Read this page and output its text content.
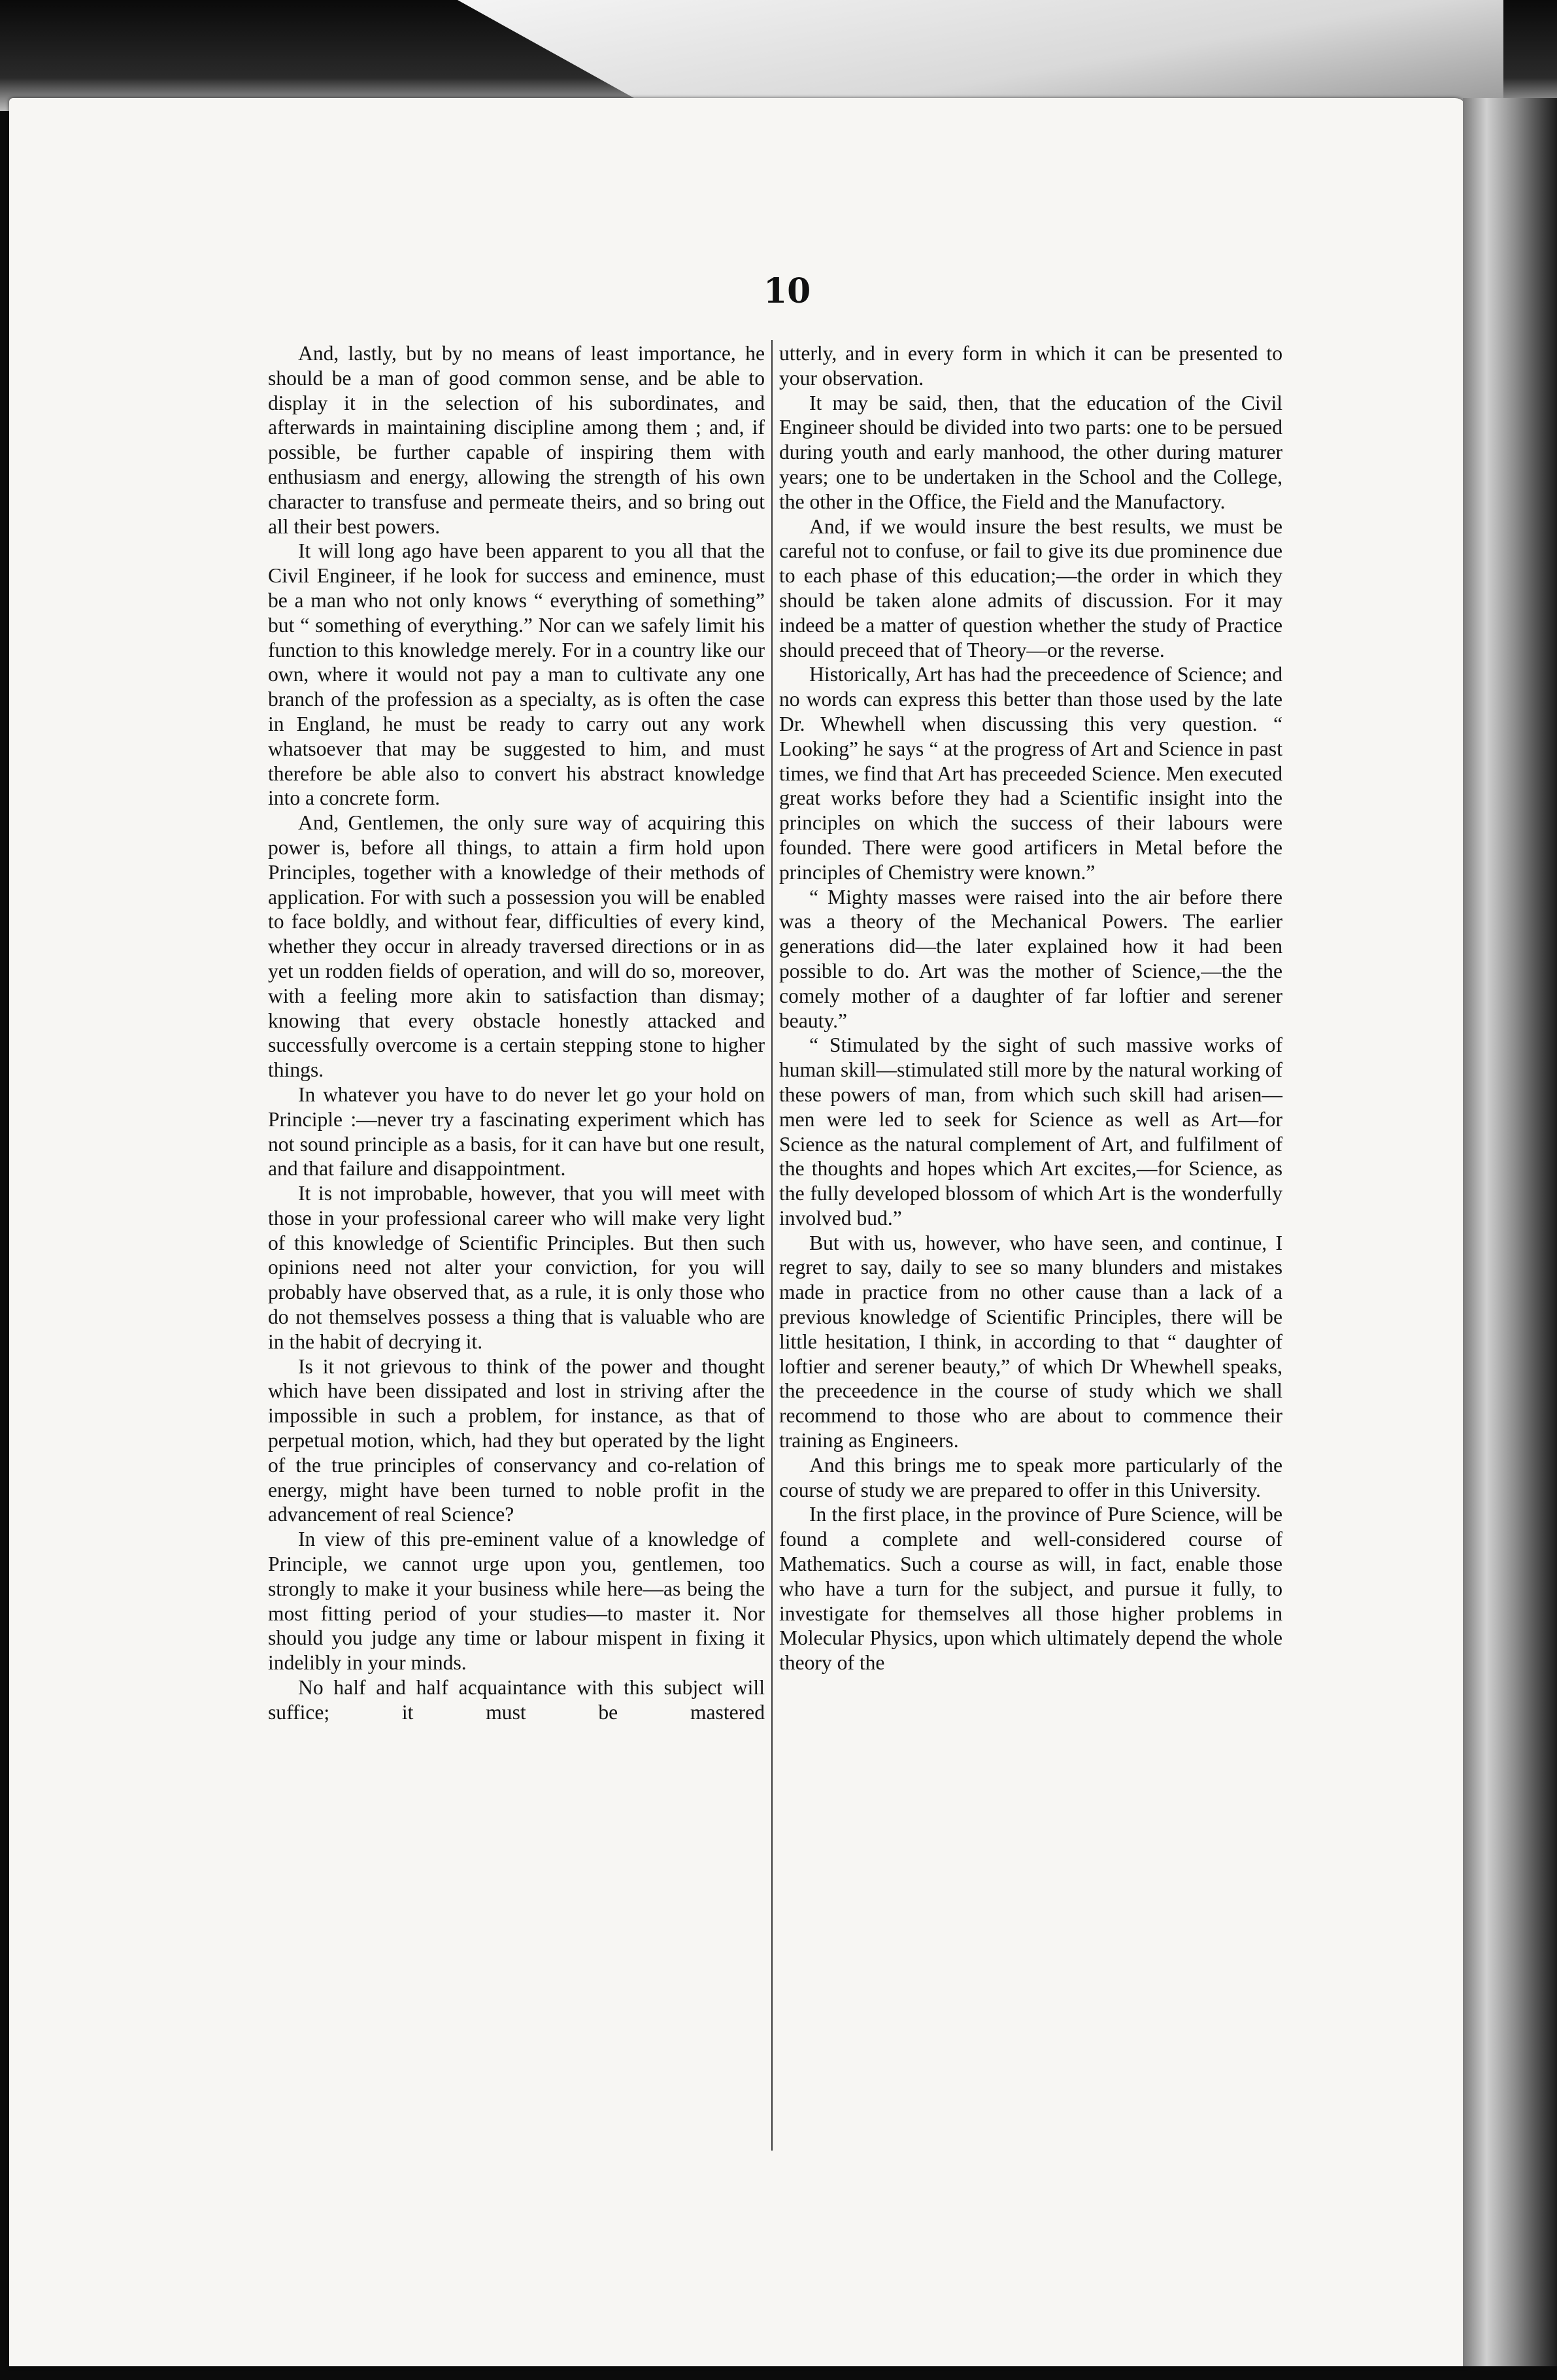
10

And, lastly, but by no means of least importance, he should be a man of good common sense, and be able to display it in the selection of his subordinates, and afterwards in maintaining discipline among them ; and, if possible, be further capable of inspiring them with enthusiasm and energy, allowing the strength of his own character to transfuse and permeate theirs, and so bring out all their best powers.

It will long ago have been apparent to you all that the Civil Engineer, if he look for success and eminence, must be a man who not only knows “ everything of something” but “ something of everything.” Nor can we safely limit his function to this knowledge merely. For in a country like our own, where it would not pay a man to cultivate any one branch of the profession as a specialty, as is often the case in England, he must be ready to carry out any work whatsoever that may be suggested to him, and must therefore be able also to convert his abstract knowledge into a concrete form.

And, Gentlemen, the only sure way of acquiring this power is, before all things, to attain a firm hold upon Principles, together with a knowledge of their methods of application. For with such a possession you will be enabled to face boldly, and without fear, difficulties of every kind, whether they occur in already traversed directions or in as yet un rodden fields of operation, and will do so, moreover, with a feeling more akin to satisfaction than dismay; knowing that every obstacle honestly attacked and successfully overcome is a certain stepping stone to higher things.

In whatever you have to do never let go your hold on Principle :—never try a fascinating experiment which has not sound principle as a basis, for it can have but one result, and that failure and disappointment.

It is not improbable, however, that you will meet with those in your professional career who will make very light of this knowledge of Scientific Principles. But then such opinions need not alter your conviction, for you will probably have observed that, as a rule, it is only those who do not themselves possess a thing that is valuable who are in the habit of decrying it.

Is it not grievous to think of the power and thought which have been dissipated and lost in striving after the impossible in such a problem, for instance, as that of perpetual motion, which, had they but operated by the light of the true principles of conservancy and co-relation of energy, might have been turned to noble profit in the advancement of real Science?

In view of this pre-eminent value of a knowledge of Principle, we cannot urge upon you, gentlemen, too strongly to make it your business while here—as being the most fitting period of your studies—to master it. Nor should you judge any time or labour mispent in fixing it indelibly in your minds.

No half and half acquaintance with this subject will suffice; it must be mastered

utterly, and in every form in which it can be presented to your observation.

It may be said, then, that the education of the Civil Engineer should be divided into two parts: one to be persued during youth and early manhood, the other during maturer years; one to be undertaken in the School and the College, the other in the Office, the Field and the Manufactory.

And, if we would insure the best results, we must be careful not to confuse, or fail to give its due prominence due to each phase of this education;—the order in which they should be taken alone admits of discussion. For it may indeed be a matter of question whether the study of Practice should preceed that of Theory—or the reverse.

Historically, Art has had the preceedence of Science; and no words can express this better than those used by the late Dr. Whewhell when discussing this very question. “ Looking” he says “ at the progress of Art and Science in past times, we find that Art has preceeded Science. Men executed great works before they had a Scientific insight into the principles on which the success of their labours were founded. There were good artificers in Metal before the principles of Chemistry were known.”

“ Mighty masses were raised into the air before there was a theory of the Mechanical Powers. The earlier generations did—the later explained how it had been possible to do. Art was the mother of Science,—the the comely mother of a daughter of far loftier and serener beauty.”

“ Stimulated by the sight of such massive works of human skill—stimulated still more by the natural working of these powers of man, from which such skill had arisen—men were led to seek for Science as well as Art—for Science as the natural complement of Art, and fulfilment of the thoughts and hopes which Art excites,—for Science, as the fully developed blossom of which Art is the wonderfully involved bud.”

But with us, however, who have seen, and continue, I regret to say, daily to see so many blunders and mistakes made in practice from no other cause than a lack of a previous knowledge of Scientific Principles, there will be little hesitation, I think, in according to that “ daughter of loftier and serener beauty,” of which Dr Whewhell speaks, the preceedence in the course of study which we shall recommend to those who are about to commence their training as Engineers.

And this brings me to speak more particularly of the course of study we are prepared to offer in this University.

In the first place, in the province of Pure Science, will be found a complete and well-considered course of Mathematics. Such a course as will, in fact, enable those who have a turn for the subject, and pursue it fully, to investigate for themselves all those higher problems in Molecular Physics, upon which ultimately depend the whole theory of the
